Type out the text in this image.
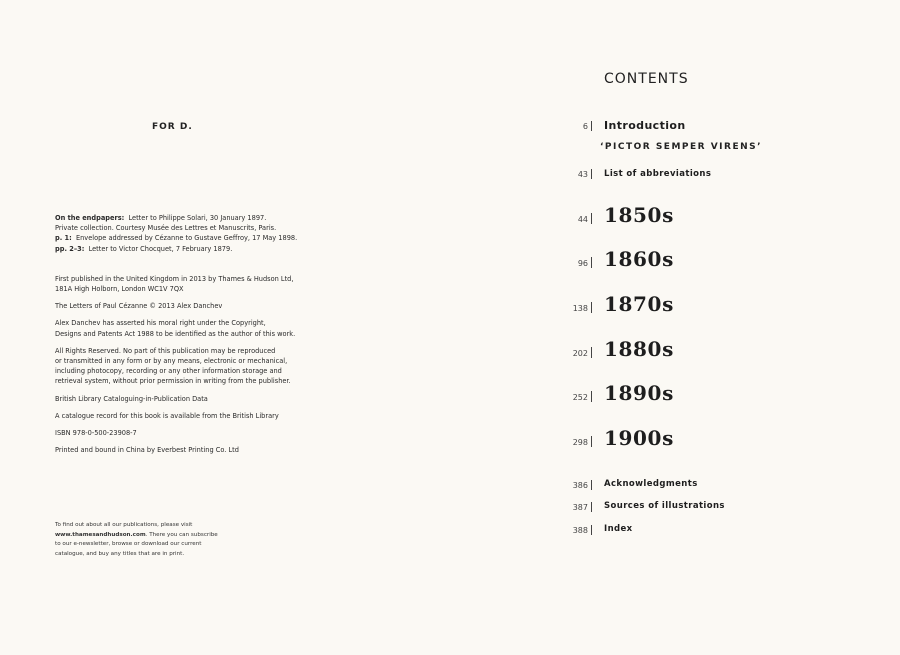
FOR D.

On the endpapers: Letter to Philippe Solari, 30 January 1897.
Private collection. Courtesy Musée des Lettres et Manuscrits, Paris.
p. 1: Envelope addressed by Cézanne to Gustave Geffroy, 17 May 1898.
pp. 2–3: Letter to Victor Chocquet, 7 February 1879.

First published in the United Kingdom in 2013 by Thames & Hudson Ltd,
181A High Holborn, London WC1V 7QX

The Letters of Paul Cézanne © 2013 Alex Danchev

Alex Danchev has asserted his moral right under the Copyright,
Designs and Patents Act 1988 to be identified as the author of this work.

All Rights Reserved. No part of this publication may be reproduced
or transmitted in any form or by any means, electronic or mechanical,
including photocopy, recording or any other information storage and
retrieval system, without prior permission in writing from the publisher.

British Library Cataloguing-in-Publication Data

A catalogue record for this book is available from the British Library

ISBN 978-0-500-23908-7

Printed and bound in China by Everbest Printing Co. Ltd

To find out about all our publications, please visit
www.thamesandhudson.com. There you can subscribe
to our e-newsletter, browse or download our current
catalogue, and buy any titles that are in print.
CONTENTS
6 Introduction
‘PICTOR SEMPER VIRENS’
43 List of abbreviations
44 1850s
96 1860s
138 1870s
202 1880s
252 1890s
298 1900s
386 Acknowledgments
387 Sources of illustrations
388 Index
